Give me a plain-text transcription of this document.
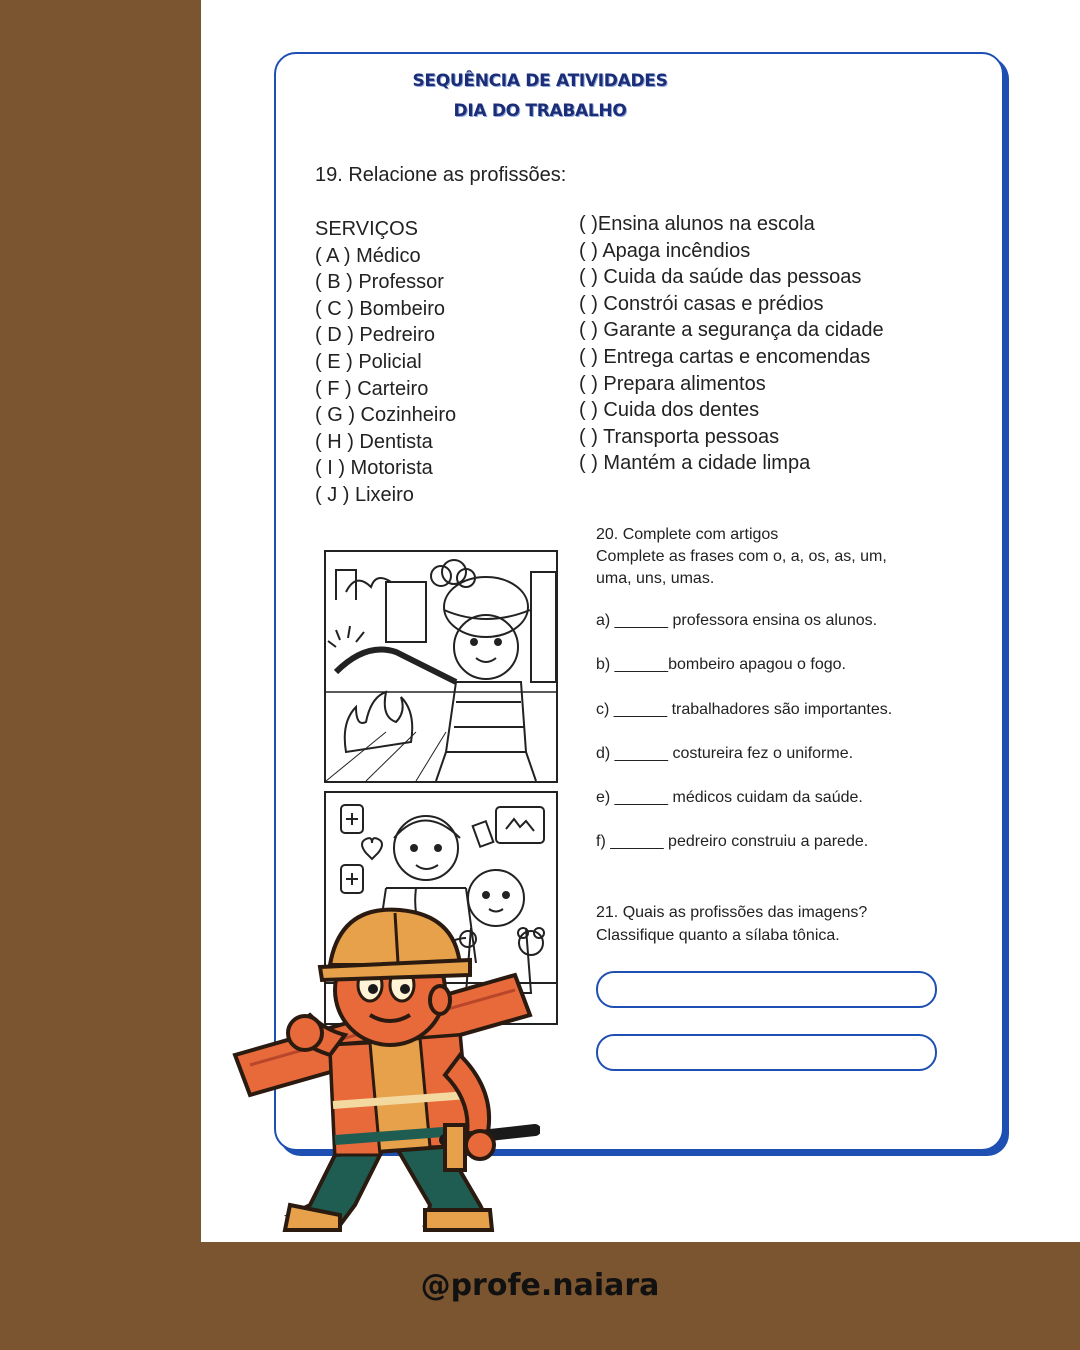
SEQUÊNCIA DE ATIVIDADES
DIA DO TRABALHO
19. Relacione as profissões:
SERVIÇOS
( A ) Médico
( B ) Professor
( C ) Bombeiro
( D ) Pedreiro
( E ) Policial
( F ) Carteiro
( G ) Cozinheiro
( H ) Dentista
( I ) Motorista
( J ) Lixeiro
( )Ensina alunos na escola
( ) Apaga incêndios
( ) Cuida da saúde das pessoas
( ) Constrói casas e prédios
( ) Garante a segurança da cidade
( ) Entrega cartas e encomendas
( ) Prepara alimentos
( ) Cuida dos dentes
( ) Transporta pessoas
( ) Mantém a cidade limpa
20. Complete com artigos
Complete as frases com o, a, os, as, um, uma, uns, umas.
a) ______ professora ensina os alunos.
b) ______bombeiro apagou o fogo.
c) ______ trabalhadores são importantes.
d) ______ costureira fez o uniforme.
e) ______ médicos cuidam da saúde.
f) ______ pedreiro construiu a parede.
21. Quais as profissões das imagens?
Classifique quanto a sílaba tônica.
@profe.naiara
